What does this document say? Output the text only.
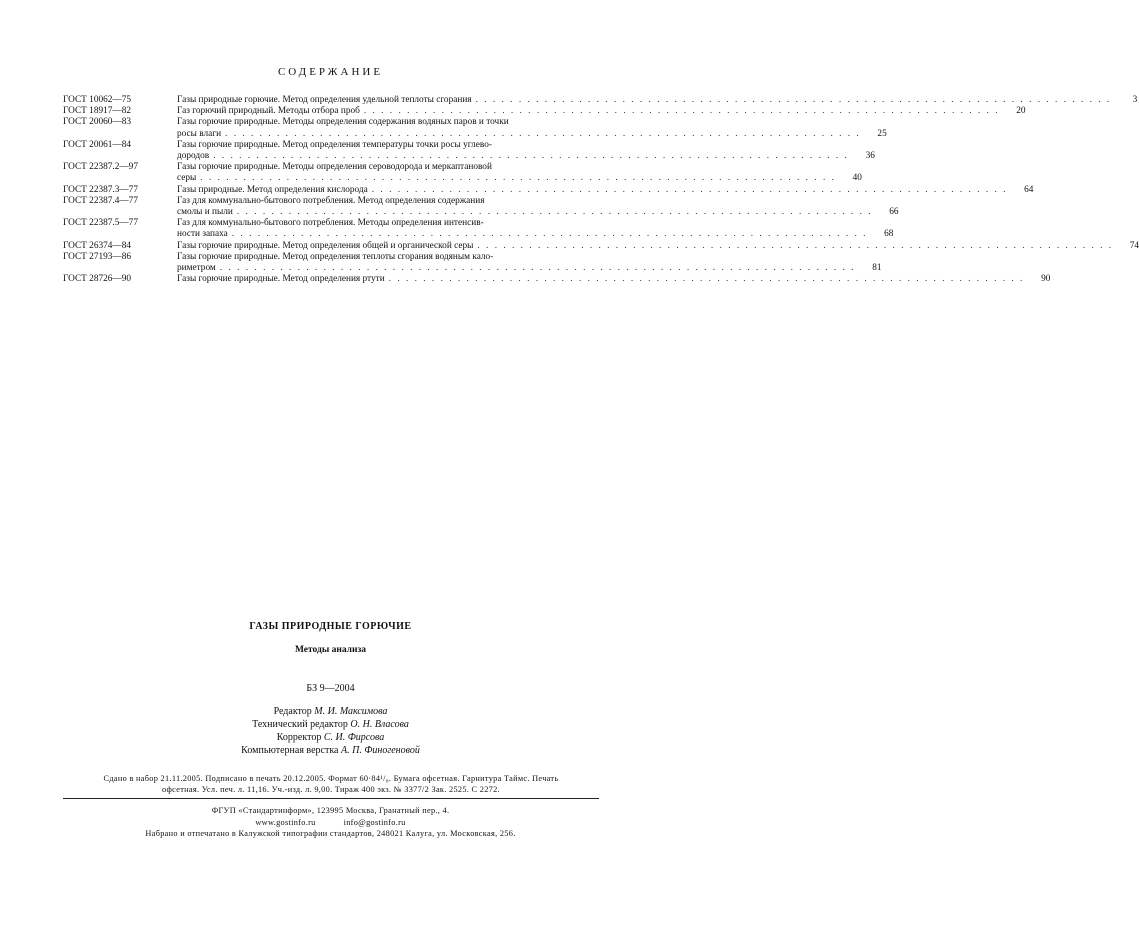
СОДЕРЖАНИЕ
ГОСТ 10062—75	Газы природные горючие. Метод определения удельной теплоты сгорания . . .	3
ГОСТ 18917—82	Газ горючий природный. Методы отбора проб . . .	20
ГОСТ 20060—83	Газы горючие природные. Методы определения содержания водяных паров и точки
росы влаги . . .	25
ГОСТ 20061—84	Газы горючие природные. Метод определения температуры точки росы углево-
дородов . . .	36
ГОСТ 22387.2—97	Газы горючие природные. Методы определения сероводорода и меркаптановой
серы . . .	40
ГОСТ 22387.3—77	Газы природные. Метод определения кислорода . . .	64
ГОСТ 22387.4—77	Газ для коммунально-бытового потребления. Метод определения содержания
смолы и пыли . . .	66
ГОСТ 22387.5—77	Газ для коммунально-бытового потребления. Методы определения интенсив-
ности запаха . . .	68
ГОСТ 26374—84	Газы горючие природные. Метод определения общей и органической серы . . .	74
ГОСТ 27193—86	Газы горючие природные. Метод определения теплоты сгорания водяным кало-
риметром . . .	81
ГОСТ 28726—90	Газы горючие природные. Метод определения ртути . . .	90
ГАЗЫ ПРИРОДНЫЕ ГОРЮЧИЕ
Методы анализа
БЗ 9—2004
Редактор М. И. Максимова
Технический редактор О. Н. Власова
Корректор С. И. Фирсова
Компьютерная верстка А. П. Финогеновой
Сдано в набор 21.11.2005. Подписано в печать 20.12.2005. Формат 60·84¹/₈. Бумага офсетная. Гарнитура Таймс. Печать
офсетная. Усл. печ. л. 11,16. Уч.-изд. л. 9,00. Тираж 400 экз. № 3377/2 Зак. 2525. С 2272.
ФГУП «Стандартинформ», 123995 Москва, Гранатный пер., 4.
www.gostinfo.ru	info@gostinfo.ru
Набрано и отпечатано в Калужской типографии стандартов, 248021 Калуга, ул. Московская, 256.
